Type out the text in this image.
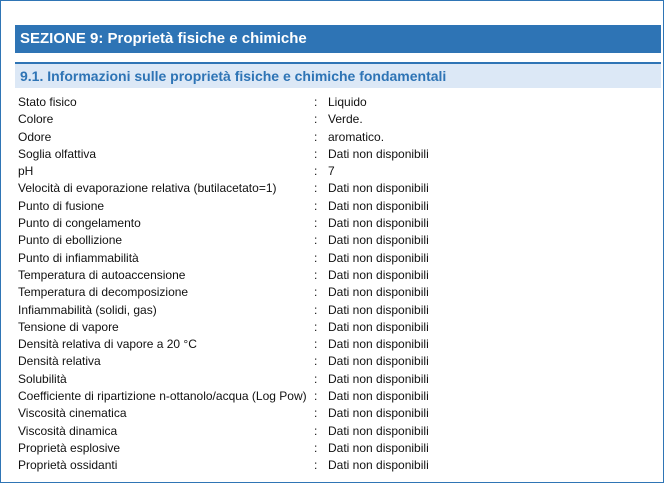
SEZIONE 9: Proprietà fisiche e chimiche
9.1. Informazioni sulle proprietà fisiche e chimiche fondamentali
Stato fisico	: Liquido
Colore	: Verde.
Odore	: aromatico.
Soglia olfattiva	: Dati non disponibili
pH	: 7
Velocità di evaporazione relativa (butilacetato=1)	: Dati non disponibili
Punto di fusione	: Dati non disponibili
Punto di congelamento	: Dati non disponibili
Punto di ebollizione	: Dati non disponibili
Punto di infiammabilità	: Dati non disponibili
Temperatura di autoaccensione	: Dati non disponibili
Temperatura di decomposizione	: Dati non disponibili
Infiammabilità (solidi, gas)	: Dati non disponibili
Tensione di vapore	: Dati non disponibili
Densità relativa di vapore a 20 °C	: Dati non disponibili
Densità relativa	: Dati non disponibili
Solubilità	: Dati non disponibili
Coefficiente di ripartizione n-ottanolo/acqua (Log Pow) : Dati non disponibili
Viscosità cinematica	: Dati non disponibili
Viscosità dinamica	: Dati non disponibili
Proprietà esplosive	: Dati non disponibili
Proprietà ossidanti	: Dati non disponibili
